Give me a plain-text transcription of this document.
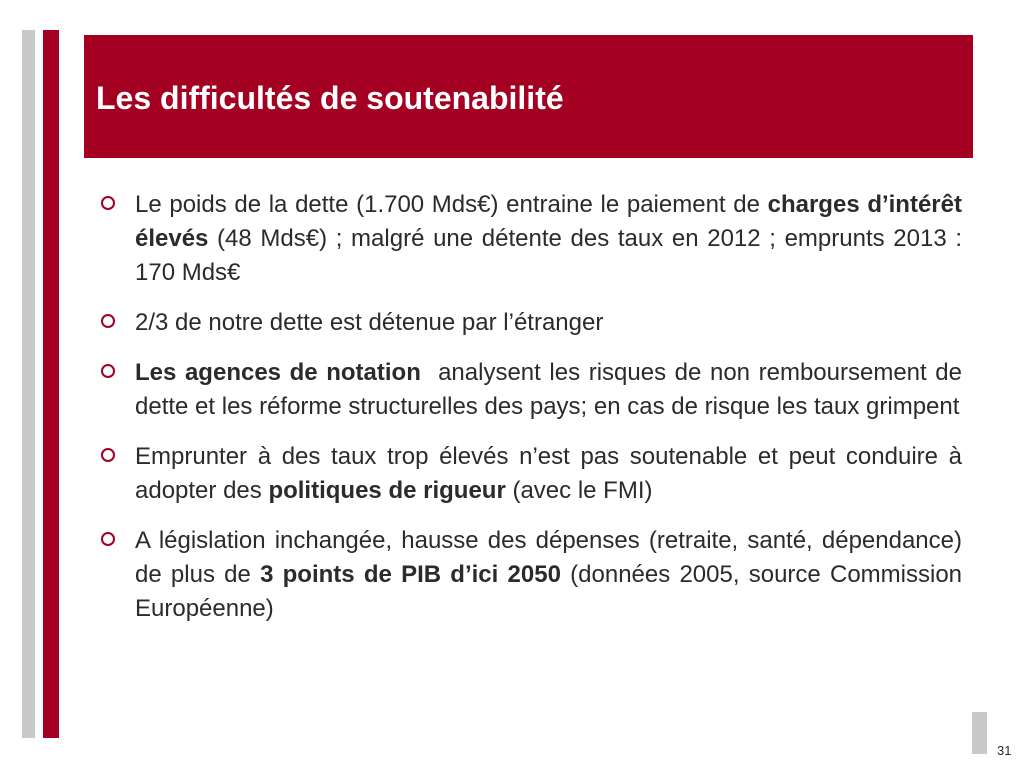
Les difficultés de soutenabilité

Le poids de la dette (1.700 Mds€) entraine le paiement de charges d’intérêt élevés (48 Mds€) ; malgré une détente des taux en 2012 ; emprunts 2013 : 170 Mds€

2/3 de notre dette est détenue par l’étranger

Les agences de notation  analysent les risques de non remboursement de dette et les réforme structurelles des pays; en cas de risque les taux grimpent

Emprunter à des taux trop élevés n’est pas soutenable et peut conduire à adopter des politiques de rigueur (avec le FMI)

A législation inchangée, hausse des dépenses (retraite, santé, dépendance) de plus de 3 points de PIB d’ici 2050 (données 2005, source Commission Européenne)

31
